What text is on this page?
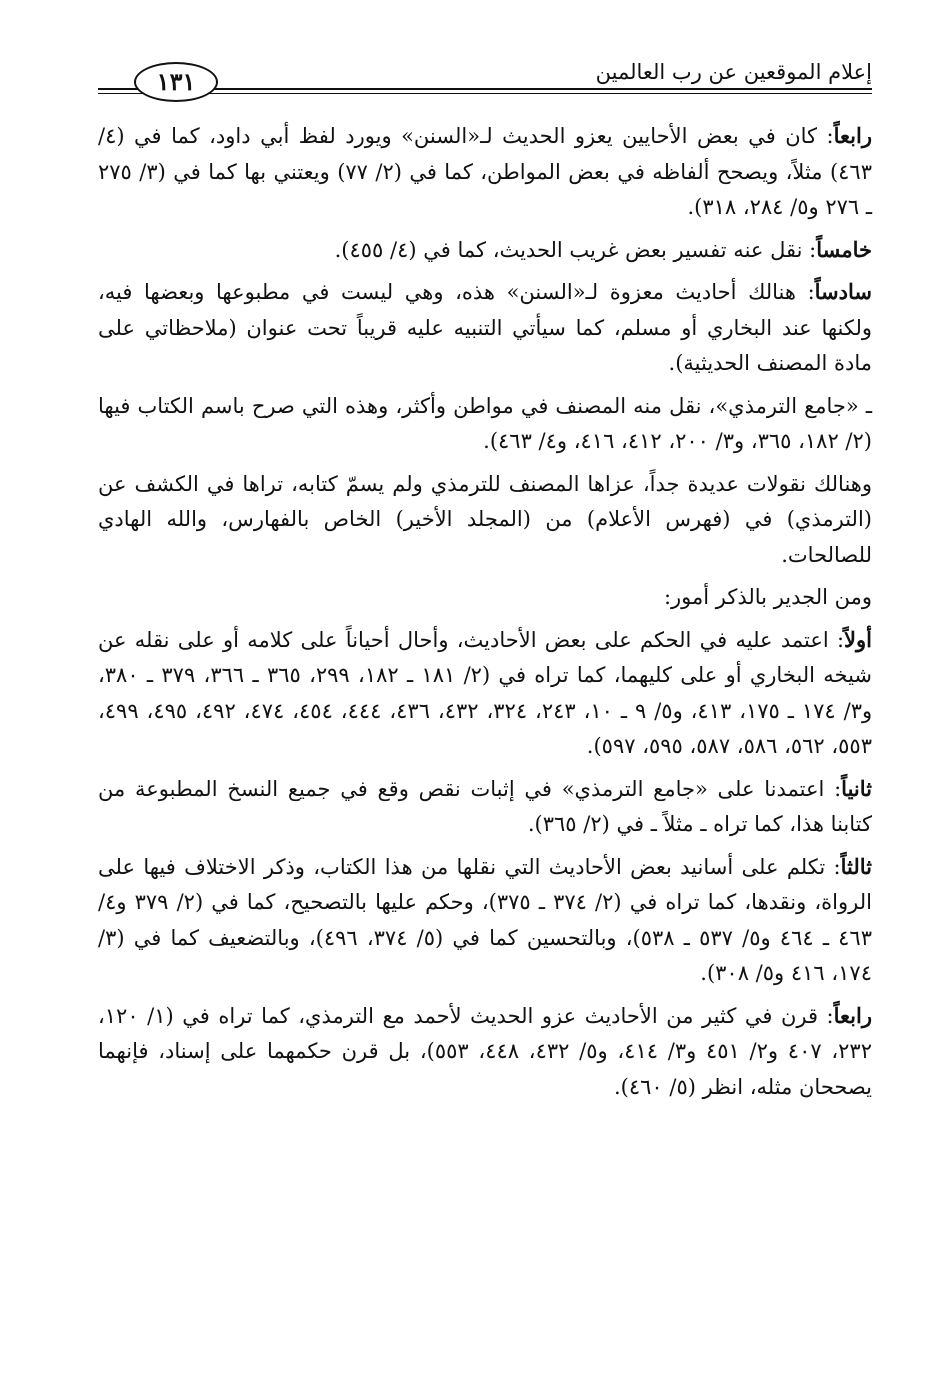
إعلام الموقعين عن رب العالمين
١٣١

رابعاً: كان في بعض الأحايين يعزو الحديث لـ«السنن» ويورد لفظ أبي داود، كما في (٤/ ٤٦٣) مثلاً، ويصحح ألفاظه في بعض المواطن، كما في (٢/ ٧٧) ويعتني بها كما في (٣/ ٢٧٥ ـ ٢٧٦ و٥/ ٢٨٤، ٣١٨).

خامساً: نقل عنه تفسير بعض غريب الحديث، كما في (٤/ ٤٥٥).

سادساً: هنالك أحاديث معزوة لـ«السنن» هذه، وهي ليست في مطبوعها وبعضها فيه، ولكنها عند البخاري أو مسلم، كما سيأتي التنبيه عليه قريباً تحت عنوان (ملاحظاتي على مادة المصنف الحديثية).

ـ «جامع الترمذي»، نقل منه المصنف في مواطن وأكثر، وهذه التي صرح باسم الكتاب فيها (٢/ ١٨٢، ٣٦٥، و٣/ ٢٠٠، ٤١٢، ٤١٦، و٤/ ٤٦٣).

وهنالك نقولات عديدة جداً، عزاها المصنف للترمذي ولم يسمّ كتابه، تراها في الكشف عن (الترمذي) في (فهرس الأعلام) من (المجلد الأخير) الخاص بالفهارس، والله الهادي للصالحات.

ومن الجدير بالذكر أمور:

أولاً: اعتمد عليه في الحكم على بعض الأحاديث، وأحال أحياناً على كلامه أو على نقله عن شيخه البخاري أو على كليهما، كما تراه في (٢/ ١٨١ ـ ١٨٢، ٢٩٩، ٣٦٥ ـ ٣٦٦، ٣٧٩ ـ ٣٨٠، و٣/ ١٧٤ ـ ١٧٥، ٤١٣، و٥/ ٩ ـ ١٠، ٢٤٣، ٣٢٤، ٤٣٢، ٤٣٦، ٤٤٤، ٤٥٤، ٤٧٤، ٤٩٢، ٤٩٥، ٤٩٩، ٥٥٣، ٥٦٢، ٥٨٦، ٥٨٧، ٥٩٥، ٥٩٧).

ثانياً: اعتمدنا على «جامع الترمذي» في إثبات نقص وقع في جميع النسخ المطبوعة من كتابنا هذا، كما تراه ـ مثلاً ـ في (٢/ ٣٦٥).

ثالثاً: تكلم على أسانيد بعض الأحاديث التي نقلها من هذا الكتاب، وذكر الاختلاف فيها على الرواة، ونقدها، كما تراه في (٢/ ٣٧٤ ـ ٣٧٥)، وحكم عليها بالتصحيح، كما في (٢/ ٣٧٩ و٤/ ٤٦٣ ـ ٤٦٤ و٥/ ٥٣٧ ـ ٥٣٨)، وبالتحسين كما في (٥/ ٣٧٤، ٤٩٦)، وبالتضعيف كما في (٣/ ١٧٤، ٤١٦ و٥/ ٣٠٨).

رابعاً: قرن في كثير من الأحاديث عزو الحديث لأحمد مع الترمذي، كما تراه في (١/ ١٢٠، ٢٣٢، ٤٠٧ و٢/ ٤٥١ و٣/ ٤١٤، و٥/ ٤٣٢، ٤٤٨، ٥٥٣)، بل قرن حكمهما على إسناد، فإنهما يصححان مثله، انظر (٥/ ٤٦٠).
